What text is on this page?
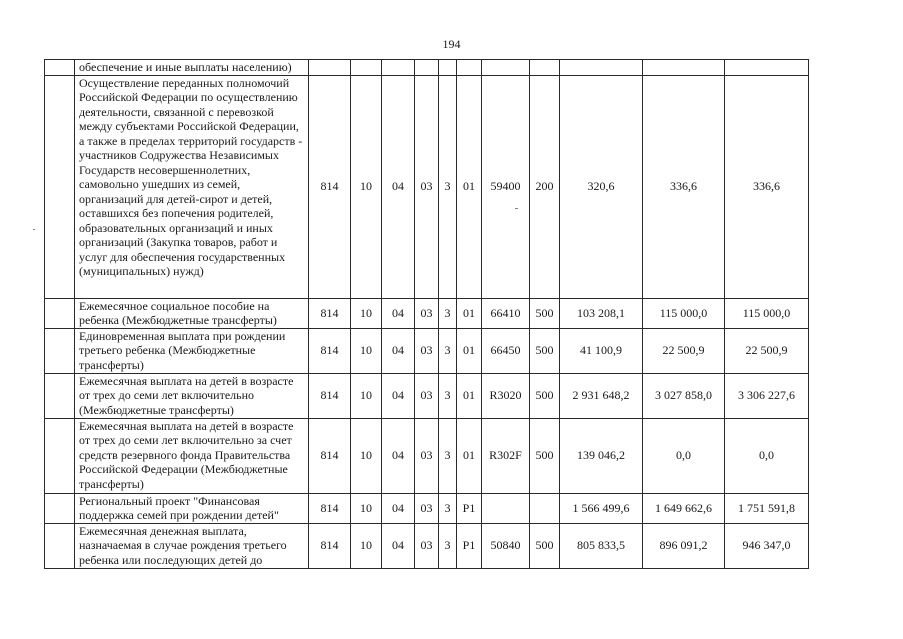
194
	обеспечение и иные выплаты населению)											
	Осуществление переданных полномочий Российской Федерации по осуществлению деятельности, связанной с перевозкой между субъектами Российской Федерации, а также в пределах территорий государств - участников Содружества Независимых Государств несовершеннолетних, самовольно ушедших из семей, организаций для детей-сирот и детей, оставшихся без попечения родителей, образовательных организаций и иных организаций (Закупка товаров, работ и услуг для обеспечения государственных (муниципальных) нужд)	814	10	04	03	3	01	59400	200	320,6	336,6	336,6
	Ежемесячное социальное пособие на ребенка (Межбюджетные трансферты)	814	10	04	03	3	01	66410	500	103 208,1	115 000,0	115 000,0
	Единовременная выплата при рождении третьего ребенка (Межбюджетные трансферты)	814	10	04	03	3	01	66450	500	41 100,9	22 500,9	22 500,9
	Ежемесячная выплата на детей в возрасте от трех до семи лет включительно (Межбюджетные трансферты)	814	10	04	03	3	01	R3020	500	2 931 648,2	3 027 858,0	3 306 227,6
	Ежемесячная выплата на детей в возрасте от трех до семи лет включительно за счет средств резервного фонда Правительства Российской Федерации (Межбюджетные трансферты)	814	10	04	03	3	01	R302F	500	139 046,2	0,0	0,0
	Региональный проект "Финансовая поддержка семей при рождении детей"	814	10	04	03	3	P1			1 566 499,6	1 649 662,6	1 751 591,8
	Ежемесячная денежная выплата, назначаемая в случае рождения третьего ребенка или последующих детей до	814	10	04	03	3	P1	50840	500	805 833,5	896 091,2	946 347,0
